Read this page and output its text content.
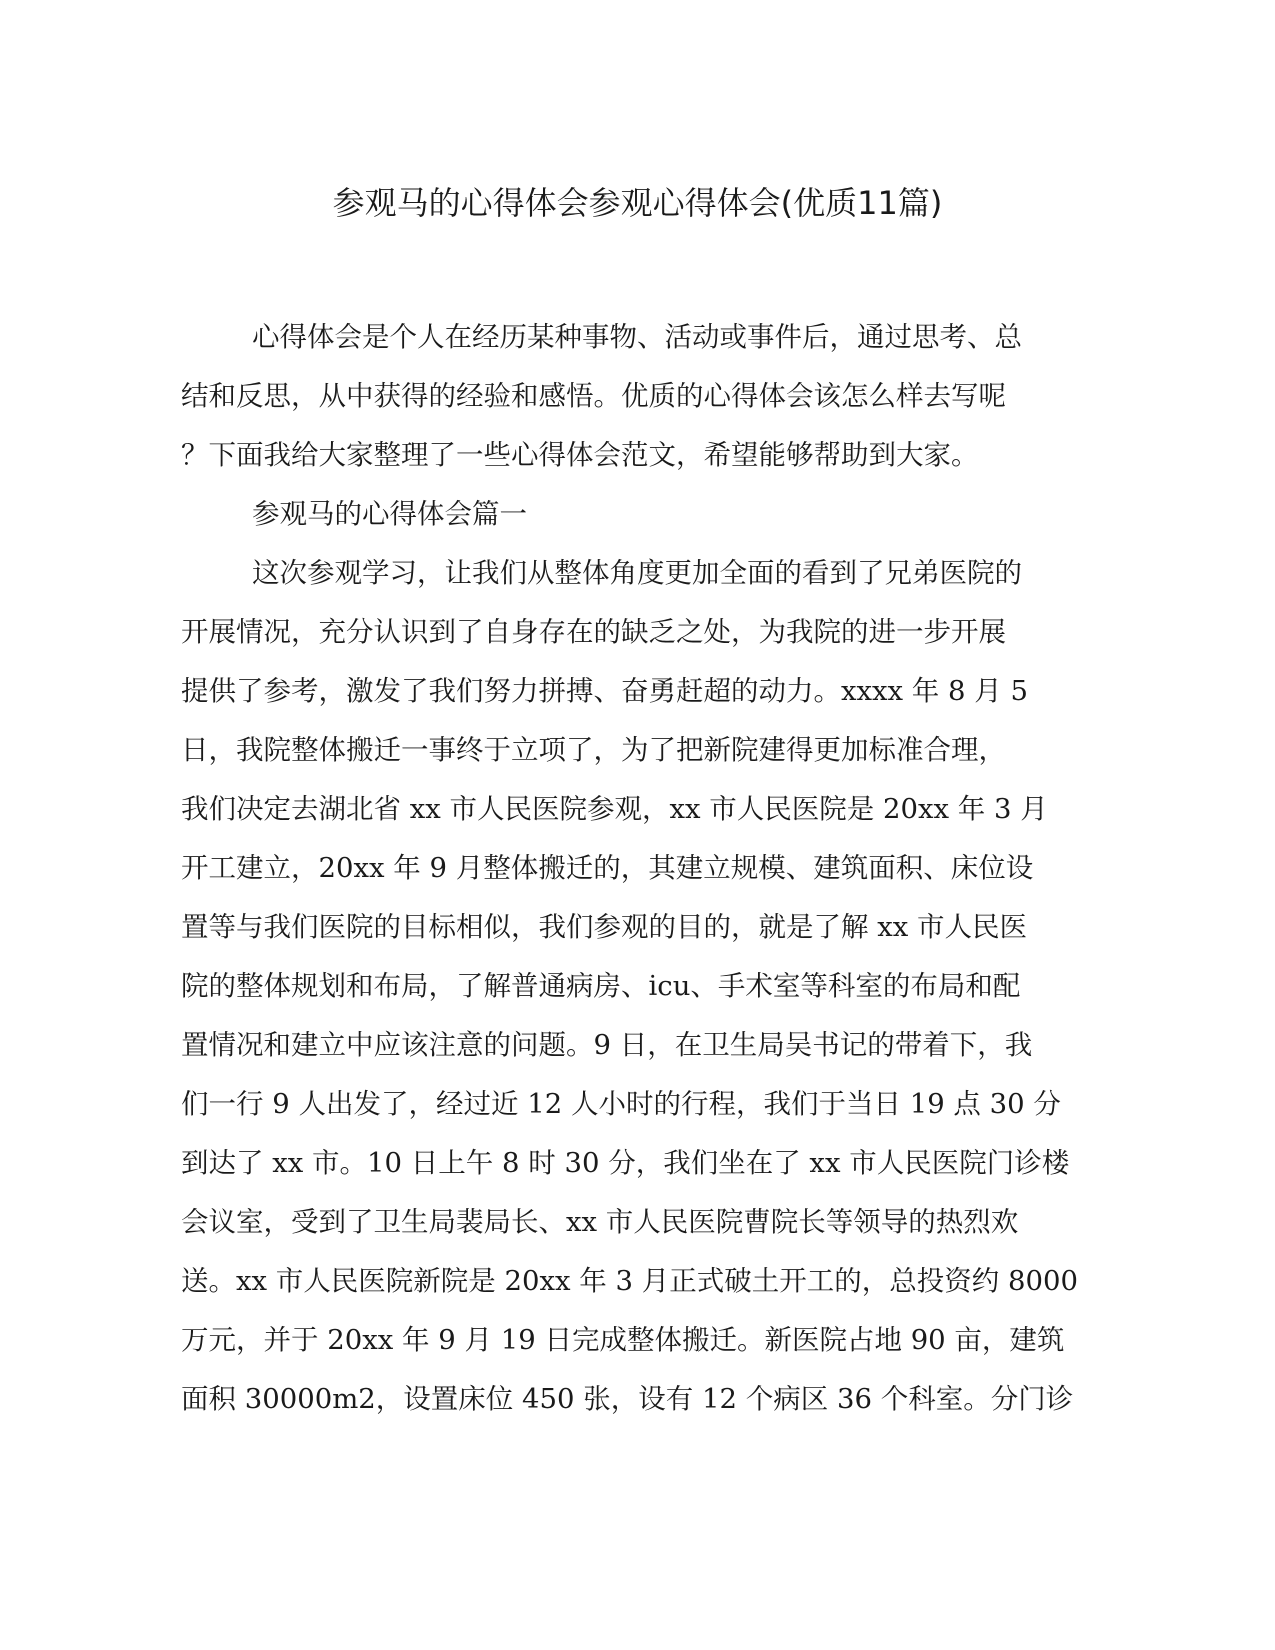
参观马的心得体会参观心得体会(优质11篇)
心得体会是个人在经历某种事物、活动或事件后，通过思考、总
结和反思，从中获得的经验和感悟。优质的心得体会该怎么样去写呢
？下面我给大家整理了一些心得体会范文，希望能够帮助到大家。
参观马的心得体会篇一
这次参观学习，让我们从整体角度更加全面的看到了兄弟医院的
开展情况，充分认识到了自身存在的缺乏之处，为我院的进一步开展
提供了参考，激发了我们努力拼搏、奋勇赶超的动力。xxxx 年 8 月 5
日，我院整体搬迁一事终于立项了，为了把新院建得更加标准合理，
我们决定去湖北省 xx 市人民医院参观，xx 市人民医院是 20xx 年 3 月
开工建立，20xx 年 9 月整体搬迁的，其建立规模、建筑面积、床位设
置等与我们医院的目标相似，我们参观的目的，就是了解 xx 市人民医
院的整体规划和布局，了解普通病房、icu、手术室等科室的布局和配
置情况和建立中应该注意的问题。9 日，在卫生局吴书记的带着下，我
们一行 9 人出发了，经过近 12 人小时的行程，我们于当日 19 点 30 分
到达了 xx 市。10 日上午 8 时 30 分，我们坐在了 xx 市人民医院门诊楼
会议室，受到了卫生局裴局长、xx 市人民医院曹院长等领导的热烈欢
送。xx 市人民医院新院是 20xx 年 3 月正式破土开工的，总投资约 8000
万元，并于 20xx 年 9 月 19 日完成整体搬迁。新医院占地 90 亩，建筑
面积 30000m2，设置床位 450 张，设有 12 个病区 36 个科室。分门诊
